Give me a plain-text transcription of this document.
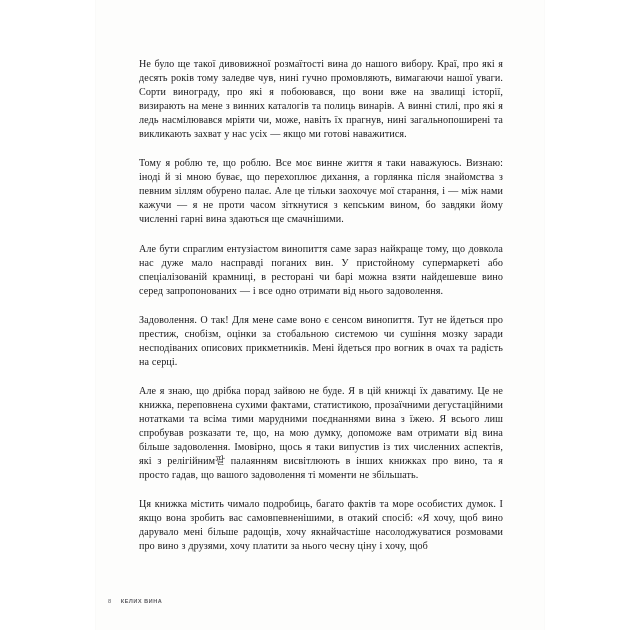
Не було ще такої дивовижної розмаїтості вина до нашого вибору. Краї, про які я десять років тому заледве чув, нині гучно промовляють, вимагаючи нашої уваги. Сорти винограду, про які я побоювався, що вони вже на звалищі історії, визирають на мене з винних каталогів та полиць винарів. А винні стилі, про які я ледь насмілювався мріяти чи, може, навіть їх прагнув, нині загальнопоширені та викликають захват у нас усіх — якщо ми готові наважитися.

Тому я роблю те, що роблю. Все моє винне життя я таки наважуюсь. Визнаю: іноді й зі мною буває, що перехоплює дихання, а горлянка після знайомства з певним зіллям обурено палає. Але це тільки заохочує мої старання, і — між нами кажучи — я не проти часом зіткнутися з кепським вином, бо завдяки йому численні гарні вина здаються ще смачнішими.

Але бути спраглим ентузіастом винопиття саме зараз найкраще тому, що довкола нас дуже мало насправді поганих вин. У пристойному супермаркеті або спеціалізованій крамниці, в ресторані чи барі можна взяти найдешевше вино серед запропонованих — і все одно отримати від нього задоволення.

Задоволення. О так! Для мене саме воно є сенсом винопиття. Тут не йдеться про престиж, снобізм, оцінки за стобальною системою чи сушіння мозку заради несподіваних описових прикметників. Мені йдеться про вогник в очах та радість на серці.

Але я знаю, що дрібка порад зайвою не буде. Я в цій книжці їх даватиму. Це не книжка, переповнена сухими фактами, статистикою, прозаїчними дегустаційними нотатками та всіма тими марудними поєднаннями вина з їжею. Я всього лиш спробував розказати те, що, на мою думку, допоможе вам отримати від вина більше задоволення. Імовірно, щось я таки випустив із тих численних аспектів, які з релігійним팔 палаянням висвітлюють в інших книжках про вино, та я просто гадав, що вашого задоволення ті моменти не збільшать.

Ця книжка містить чимало подробиць, багато фактів та море особистих думок. І якщо вона зробить вас самовпевненішими, в отакий спосіб: «Я хочу, щоб вино дарувало мені більше радощів, хочу якнайчастіше насолоджуватися розмовами про вино з друзями, хочу платити за нього чесну ціну і хочу, щоб

8 КЕЛИХ ВИНА
